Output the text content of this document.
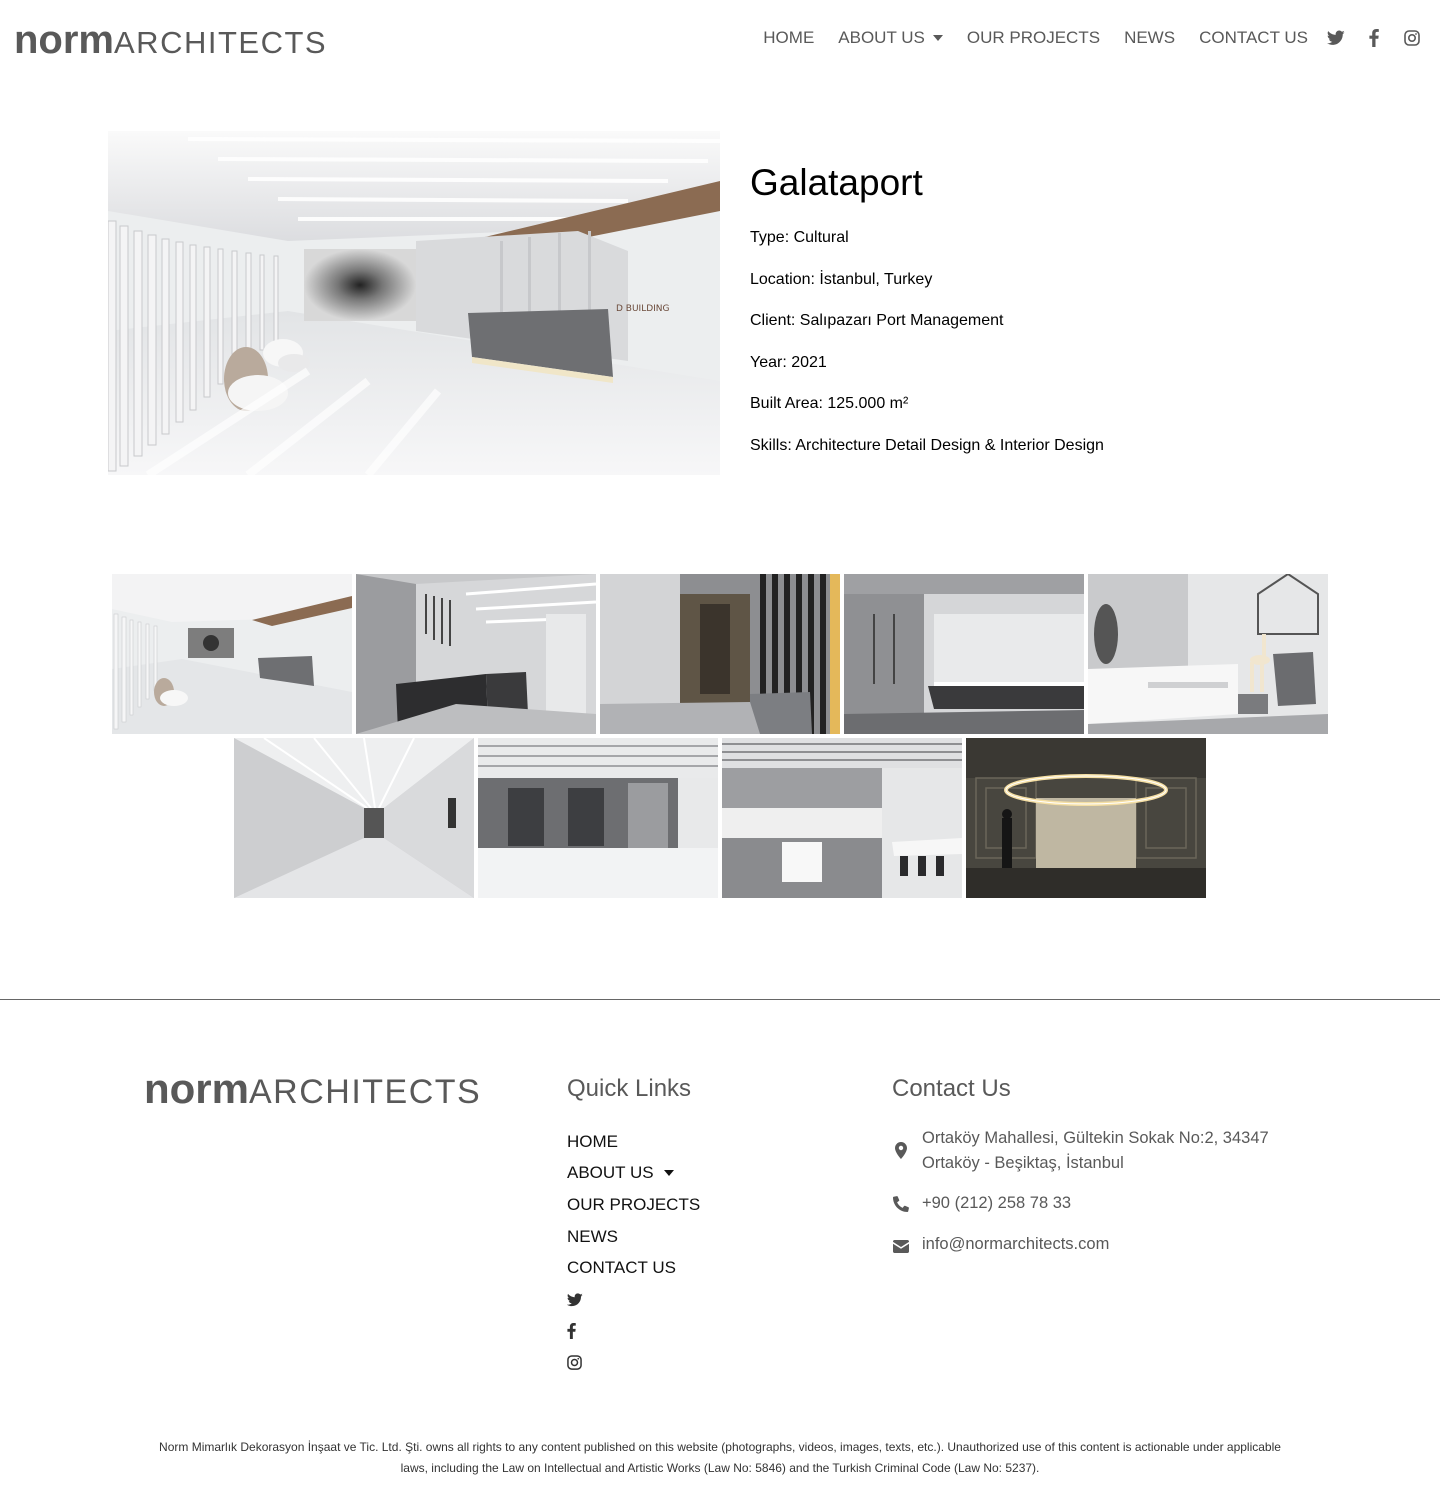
norm ARCHITECTS	HOME ABOUT US OUR PROJECTS NEWS CONTACT US
D BUILDING
Galataport
Type: Cultural
Location: İstanbul, Turkey
Client: Salıpazarı Port Management
Year: 2021
Built Area: 125.000 m²
Skills: Architecture Detail Design & Interior Design
norm ARCHITECTS	Quick Links
HOME
ABOUT US
OUR PROJECTS
NEWS
CONTACT US
Contact Us
Ortaköy Mahallesi, Gültekin Sokak No:2, 34347
Ortaköy - Beşiktaş, İstanbul
+90 (212) 258 78 33
info@normarchitects.com
Norm Mimarlık Dekorasyon İnşaat ve Tic. Ltd. Şti. owns all rights to any content published on this website (photographs, videos, images, texts, etc.). Unauthorized use of this content is actionable under applicable
laws, including the Law on Intellectual and Artistic Works (Law No: 5846) and the Turkish Criminal Code (Law No: 5237).
